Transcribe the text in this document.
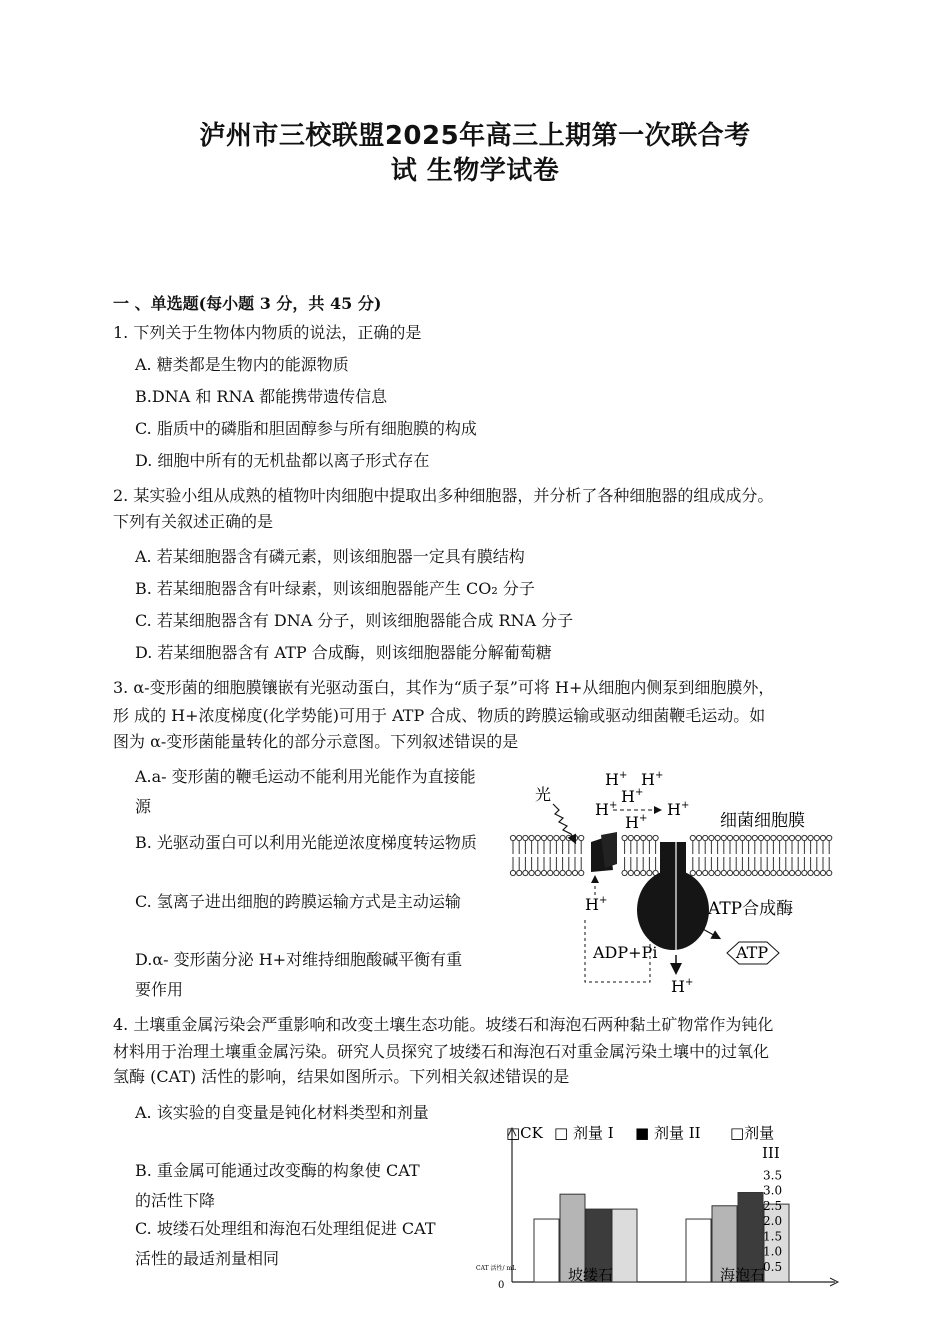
泸州市三校联盟2025年高三上期第一次联合考
试 生物学试卷
一 、单选题(每小题 3 分，共 45 分)
1. 下列关于生物体内物质的说法，正确的是
A. 糖类都是生物内的能源物质
B.DNA 和 RNA 都能携带遗传信息
C. 脂质中的磷脂和胆固醇参与所有细胞膜的构成
D. 细胞中所有的无机盐都以离子形式存在
2. 某实验小组从成熟的植物叶肉细胞中提取出多种细胞器，并分析了各种细胞器的组成成分。
下列有关叙述正确的是
A. 若某细胞器含有磷元素，则该细胞器一定具有膜结构
B. 若某细胞器含有叶绿素，则该细胞器能产生 CO₂ 分子
C. 若某细胞器含有 DNA 分子，则该细胞器能合成 RNA 分子
D. 若某细胞器含有 ATP 合成酶，则该细胞器能分解葡萄糖
3. α-变形菌的细胞膜镶嵌有光驱动蛋白，其作为“质子泵”可将 H+从细胞内侧泵到细胞膜外，
形 成的 H+浓度梯度(化学势能)可用于 ATP 合成、物质的跨膜运输或驱动细菌鞭毛运动。如
图为 α-变形菌能量转化的部分示意图。下列叙述错误的是
A.a- 变形菌的鞭毛运动不能利用光能作为直接能源
B. 光驱动蛋白可以利用光能逆浓度梯度转运物质
C. 氢离子进出细胞的跨膜运输方式是主动运输
D.α- 变形菌分泌 H+对维持细胞酸碱平衡有重 要作用
光
H+ H+
H+
H+
H+ H+
H+
H+
细菌细胞膜
ATP合成酶
ADP+Pi	ATP
4. 土壤重金属污染会严重影响和改变土壤生态功能。坡缕石和海泡石两种黏土矿物常作为钝化
材料用于治理土壤重金属污染。研究人员探究了坡缕石和海泡石对重金属污染土壤中的过氧化
氢酶 (CAT) 活性的影响，结果如图所示。下列相关叙述错误的是
A. 该实验的自变量是钝化材料类型和剂量
B. 重金属可能通过改变酶的构象使 CAT 的活性下降
C. 坡缕石处理组和海泡石处理组促进 CAT 活性的最适剂量相同
□CK □ 剂量 I ■ 剂量 II □剂量
III
0
0.5
1.0
1.5
2.0
2.5
3.0
3.5
CAT 活性/ mL	坡缕石	海泡石
